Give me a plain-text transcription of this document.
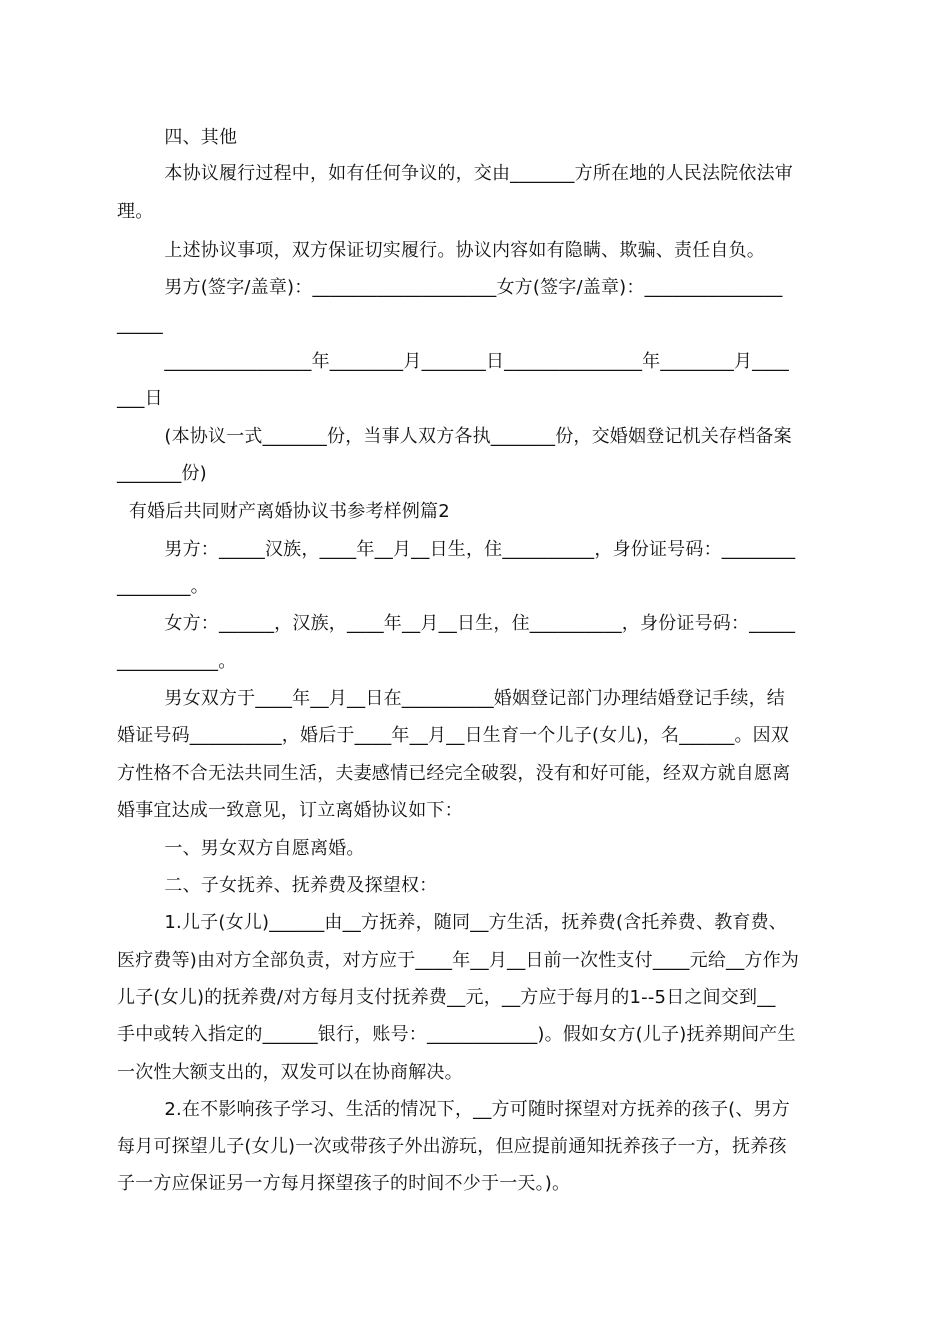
四、其他
本协议履行过程中，如有任何争议的，交由_______方所在地的人民法院依法审
理。
上述协议事项，双方保证切实履行。协议内容如有隐瞒、欺骗、责任自负。
男方(签字/盖章)：____________________女方(签字/盖章)：_______________
_____
________________年________月_______日_______________年________月____
___日
(本协议一式_______份，当事人双方各执_______份，交婚姻登记机关存档备案
_______份)
有婚后共同财产离婚协议书参考样例篇2
男方：_____汉族，____年__月__日生，住__________，身份证号码：________
________。
女方：______，汉族，____年__月__日生，住__________，身份证号码：_____
___________。
男女双方于____年__月__日在__________婚姻登记部门办理结婚登记手续，结
婚证号码__________，婚后于____年__月__日生育一个儿子(女儿)，名______。因双
方性格不合无法共同生活，夫妻感情已经完全破裂，没有和好可能，经双方就自愿离
婚事宜达成一致意见，订立离婚协议如下：
一、男女双方自愿离婚。
二、子女抚养、抚养费及探望权：
1.儿子(女儿)______由__方抚养，随同__方生活，抚养费(含托养费、教育费、
医疗费等)由对方全部负责，对方应于____年__月__日前一次性支付____元给__方作为
儿子(女儿)的抚养费/对方每月支付抚养费__元，__方应于每月的1--5日之间交到__
手中或转入指定的______银行，账号：____________)。假如女方(儿子)抚养期间产生
一次性大额支出的，双发可以在协商解决。
2.在不影响孩子学习、生活的情况下，__方可随时探望对方抚养的孩子(、男方
每月可探望儿子(女儿)一次或带孩子外出游玩，但应提前通知抚养孩子一方，抚养孩
子一方应保证另一方每月探望孩子的时间不少于一天。)。
